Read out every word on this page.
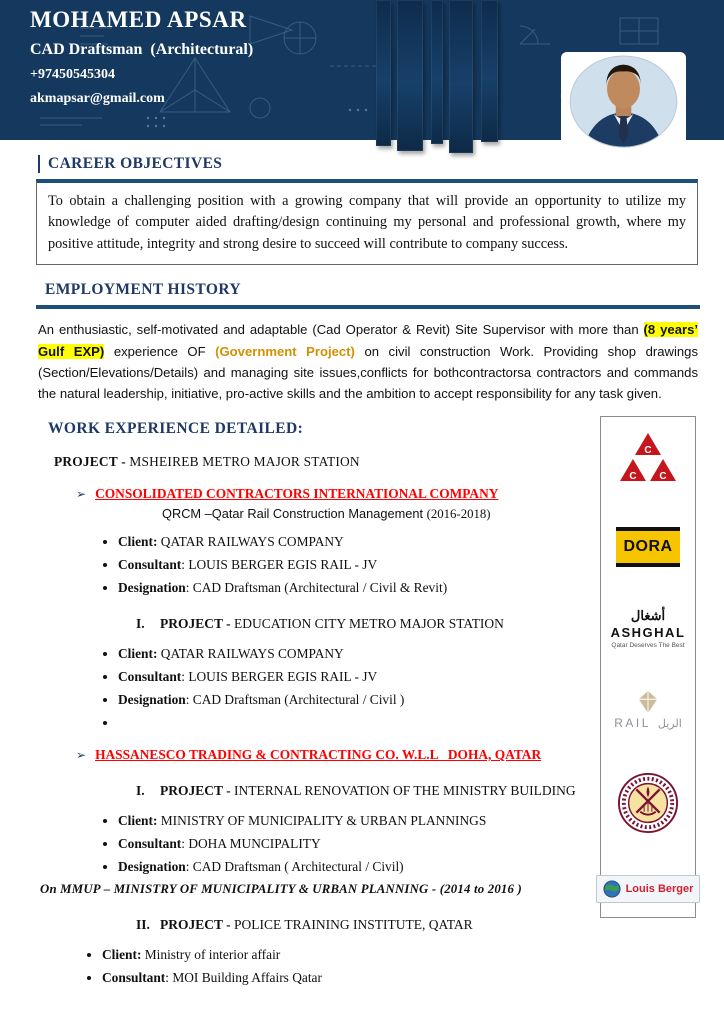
MOHAMED APSAR
CAD Draftsman  (Architectural)
+97450545304
akmapsar@gmail.com
CAREER OBJECTIVES
To obtain a challenging position with a growing company that will provide an opportunity to utilize my knowledge of computer aided drafting/design continuing my personal and professional growth, where my positive attitude, integrity and strong desire to succeed will contribute to company success.
EMPLOYMENT HISTORY

An enthusiastic, self-motivated and adaptable (Cad Operator & Revit) Site Supervisor with more than (8 years’ Gulf EXP) experience OF (Government Project) on civil construction Work. Providing shop drawings (Section/Elevations/Details) and managing site issues,conflicts for bothcontractorsa contractors and commands the natural leadership, initiative, pro-active skills and the ambition to accept responsibility for any task given.

WORK EXPERIENCE DETAILED:

PROJECT - MSHEIREB METRO MAJOR STATION

➢ CONSOLIDATED CONTRACTORS INTERNATIONAL COMPANY

QRCM –Qatar Rail Construction Management (2016-2018)

• Client: QATAR RAILWAYS COMPANY
• Consultant: LOUIS BERGER EGIS RAIL - JV
• Designation: CAD Draftsman (Architectural / Civil & Revit)

I. PROJECT - EDUCATION CITY METRO MAJOR STATION

• Client: QATAR RAILWAYS COMPANY
• Consultant: LOUIS BERGER EGIS RAIL - JV
• Designation: CAD Draftsman (Architectural / Civil )
•

➢ HASSANESCO TRADING & CONTRACTING CO. W.L.L   DOHA, QATAR

I. PROJECT - INTERNAL RENOVATION OF THE MINISTRY BUILDING

• Client: MINISTRY OF MUNICIPALITY & URBAN PLANNINGS
• Consultant: DOHA MUNCIPALITY
• Designation: CAD Draftsman ( Architectural / Civil)

On MMUP – MINISTRY OF MUNICIPALITY & URBAN PLANNING - (2014 to 2016 )

II. PROJECT - POLICE TRAINING INSTITUTE, QATAR

• Client: Ministry of interior affair
• Consultant: MOI Building Affairs Qatar
C
C C
DORA
أشغال
ASHGHAL
Qatar Deserves The Best
RAIL الريل
Louis Berger
